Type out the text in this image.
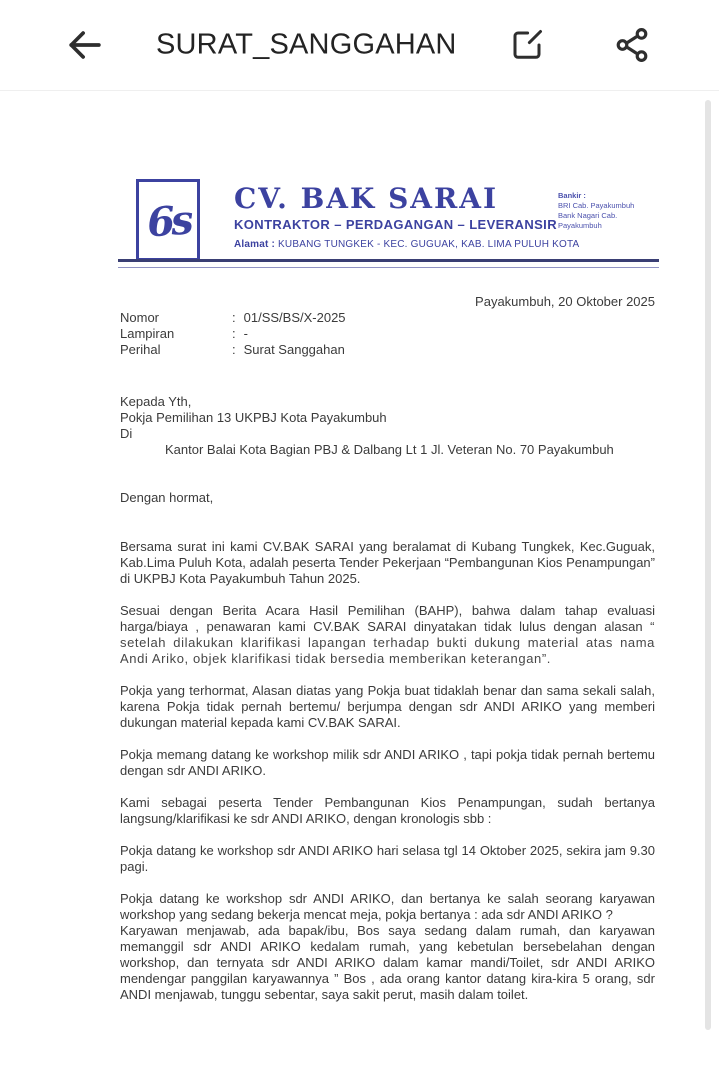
SURAT_SANGGAHAN
6s CV. BAK SARAI
KONTRAKTOR – PERDAGANGAN – LEVERANSIR
Alamat : KUBANG TUNGKEK - KEC. GUGUAK, KAB. LIMA PULUH KOTA
Bankir :
BRI Cab. Payakumbuh
Bank Nagari Cab. Payakumbuh
Payakumbuh, 20 Oktober 2025
Nomor	: 01/SS/BS/X-2025
Lampiran	: -
Perihal	: Surat Sanggahan
Kepada Yth,
Pokja Pemilihan 13 UKPBJ Kota Payakumbuh
Di
Kantor Balai Kota Bagian PBJ & Dalbang Lt 1 Jl. Veteran No. 70 Payakumbuh
Dengan hormat,

Bersama surat ini kami CV.BAK SARAI yang beralamat di Kubang Tungkek, Kec.Guguak, Kab.Lima Puluh Kota, adalah peserta Tender Pekerjaan “Pembangunan Kios Penampungan” di UKPBJ Kota Payakumbuh Tahun 2025.

Sesuai dengan Berita Acara Hasil Pemilihan (BAHP), bahwa dalam tahap evaluasi harga/biaya , penawaran kami CV.BAK SARAI dinyatakan tidak lulus dengan alasan “ setelah dilakukan klarifikasi lapangan terhadap bukti dukung material atas nama Andi Ariko, objek klarifikasi tidak bersedia memberikan keterangan”.

Pokja yang terhormat, Alasan diatas yang Pokja buat tidaklah benar dan sama sekali salah, karena Pokja tidak pernah bertemu/ berjumpa dengan sdr ANDI ARIKO yang memberi dukungan material kepada kami CV.BAK SARAI.

Pokja memang datang ke workshop milik sdr ANDI ARIKO , tapi pokja tidak pernah bertemu dengan sdr ANDI ARIKO.

Kami sebagai peserta Tender Pembangunan Kios Penampungan, sudah bertanya langsung/klarifikasi ke sdr ANDI ARIKO, dengan kronologis sbb :

Pokja datang ke workshop sdr ANDI ARIKO hari selasa tgl 14 Oktober 2025, sekira jam 9.30 pagi.

Pokja datang ke workshop sdr ANDI ARIKO, dan bertanya ke salah seorang karyawan workshop yang sedang bekerja mencat meja, pokja bertanya : ada sdr ANDI ARIKO ?

Karyawan menjawab, ada bapak/ibu, Bos saya sedang dalam rumah, dan karyawan memanggil sdr ANDI ARIKO kedalam rumah, yang kebetulan bersebelahan dengan workshop, dan ternyata sdr ANDI ARIKO dalam kamar mandi/Toilet, sdr ANDI ARIKO mendengar panggilan karyawannya ” Bos , ada orang kantor datang kira-kira 5 orang, sdr ANDI menjawab, tunggu sebentar, saya sakit perut, masih dalam toilet.
